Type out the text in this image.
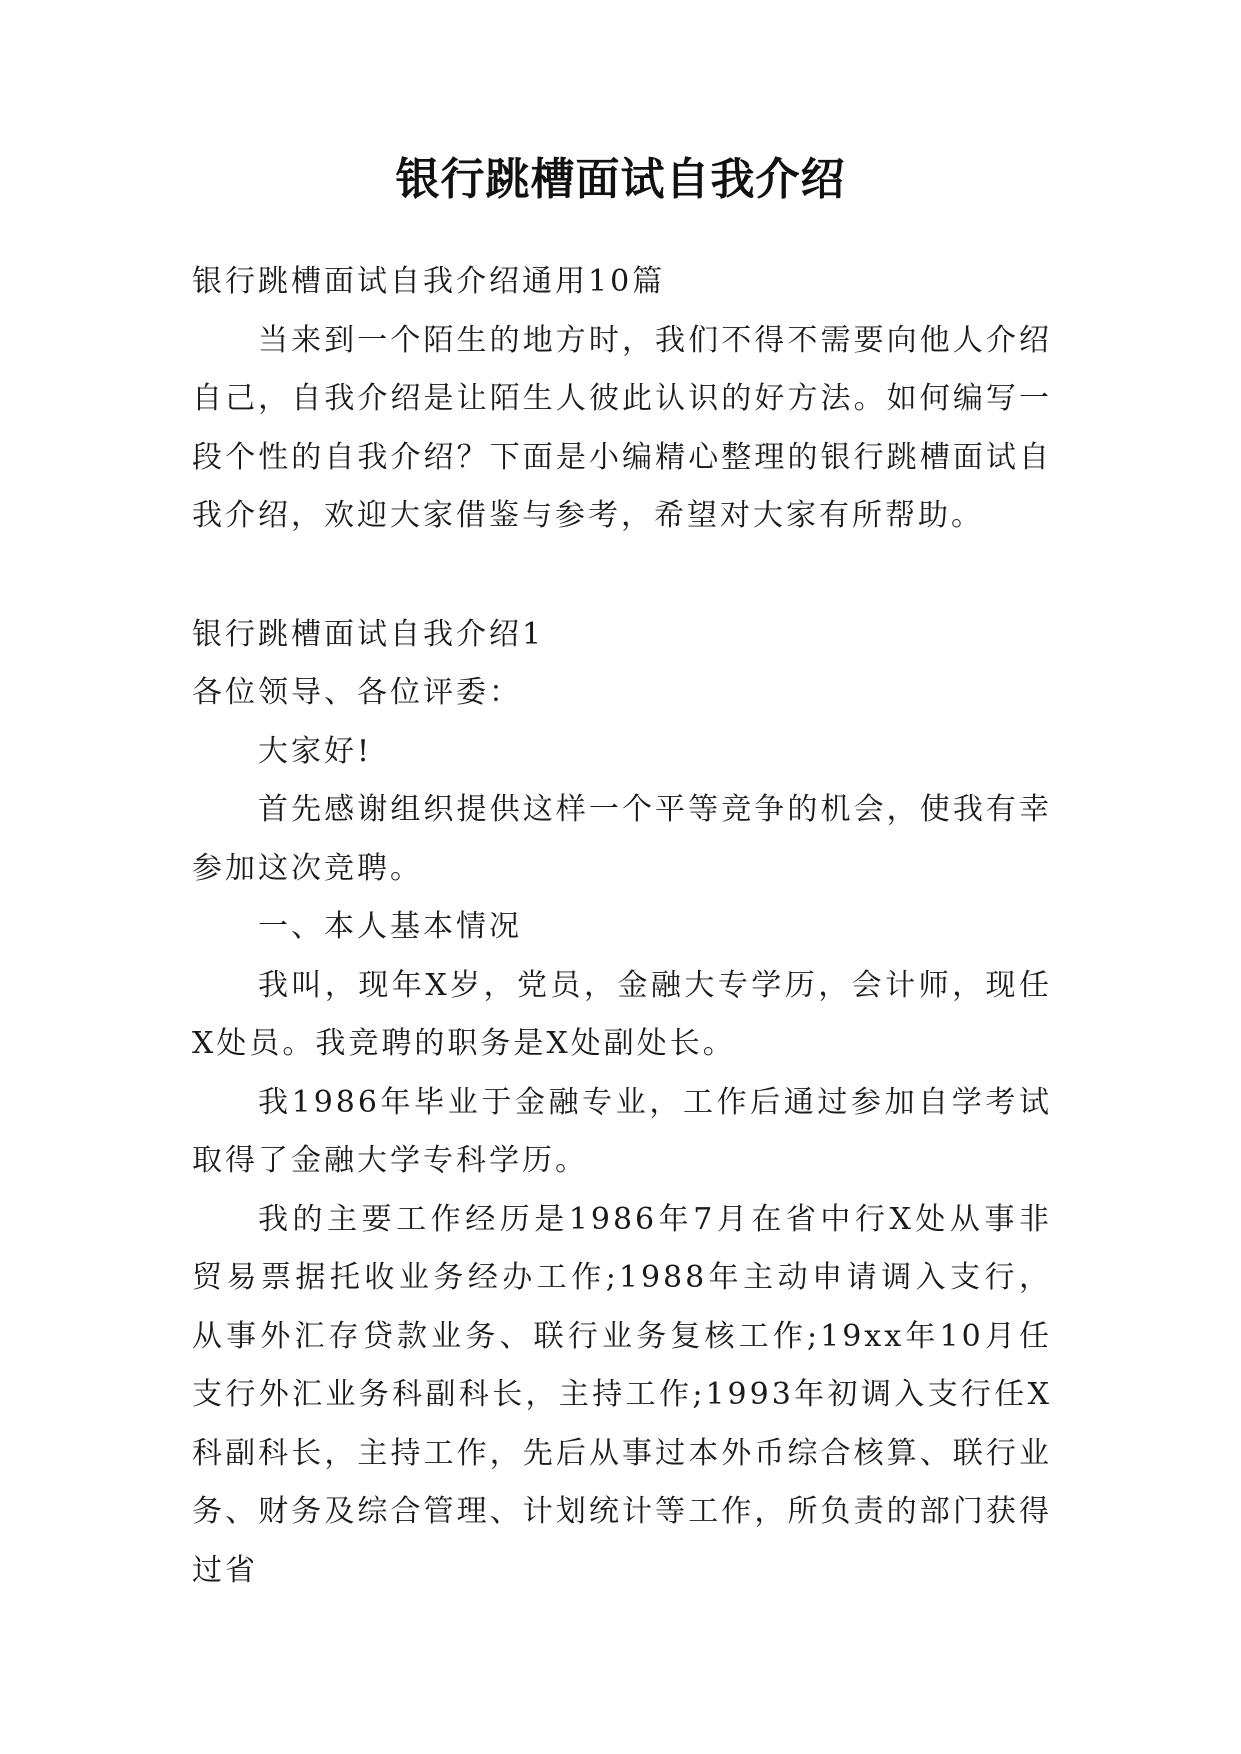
银行跳槽面试自我介绍

银行跳槽面试自我介绍通用10篇

当来到一个陌生的地方时，我们不得不需要向他人介绍自己，自我介绍是让陌生人彼此认识的好方法。如何编写一段个性的自我介绍？下面是小编精心整理的银行跳槽面试自我介绍，欢迎大家借鉴与参考，希望对大家有所帮助。

银行跳槽面试自我介绍1

各位领导、各位评委：

大家好!

首先感谢组织提供这样一个平等竞争的机会，使我有幸参加这次竞聘。

一、本人基本情况

我叫，现年X岁，党员，金融大专学历，会计师，现任X处员。我竞聘的职务是X处副处长。

我1986年毕业于金融专业，工作后通过参加自学考试取得了金融大学专科学历。

我的主要工作经历是1986年7月在省中行X处从事非贸易票据托收业务经办工作;1988年主动申请调入支行，从事外汇存贷款业务、联行业务复核工作;19xx年10月任支行外汇业务科副科长，主持工作;1993年初调入支行任X科副科长，主持工作，先后从事过本外币综合核算、联行业务、财务及综合管理、计划统计等工作，所负责的部门获得过省
